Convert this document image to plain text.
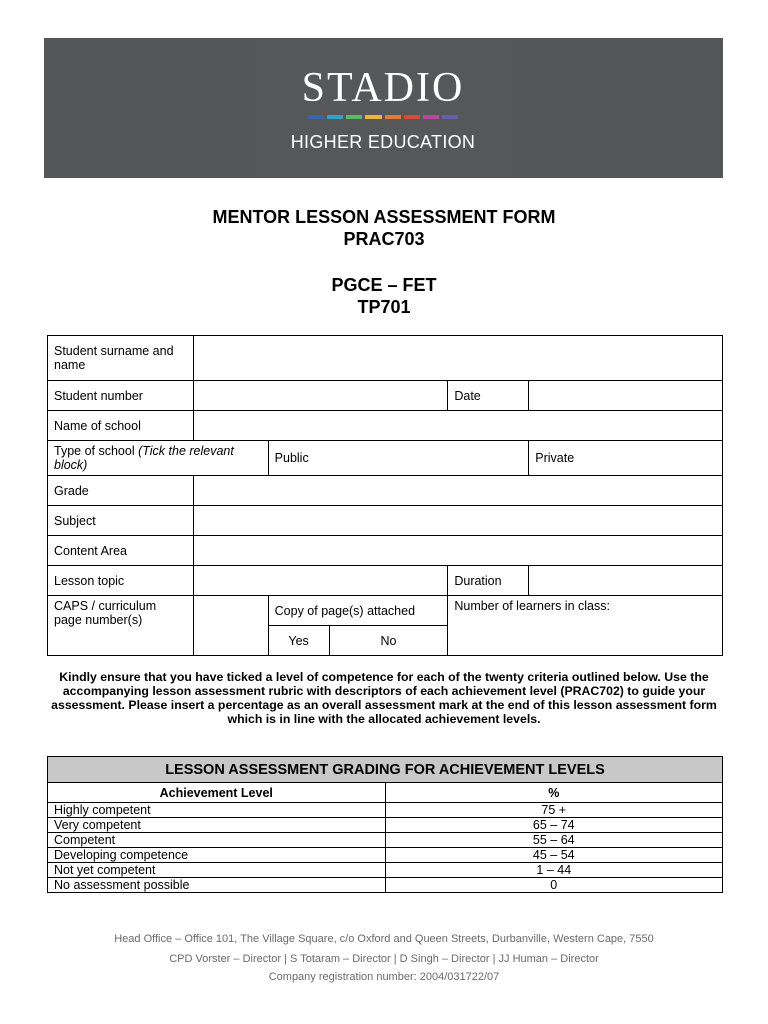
STADIO
HIGHER EDUCATION
MENTOR LESSON ASSESSMENT FORM
PRAC703
PGCE – FET
TP701
Student surname and name					
Student number				Date	
Name of school					
Type of school (Tick the relevant block)		Public			Private
Grade					
Subject					
Content Area					
Lesson topic				Duration	
CAPS / curriculum page number(s)		Copy of page(s) attached		Number of learners in class:	
		Yes	No		
Kindly ensure that you have ticked a level of competence for each of the twenty criteria outlined below. Use the accompanying lesson assessment rubric with descriptors of each achievement level (PRAC702) to guide your assessment. Please insert a percentage as an overall assessment mark at the end of this lesson assessment form which is in line with the allocated achievement levels.
LESSON ASSESSMENT GRADING FOR ACHIEVEMENT LEVELS	
Achievement Level	%
Highly competent	75 +
Very competent	65 – 74
Competent	55 – 64
Developing competence	45 – 54
Not yet competent	1 – 44
No assessment possible	0
Head Office – Office 101, The Village Square, c/o Oxford and Queen Streets, Durbanville, Western Cape, 7550
CPD Vorster – Director | S Totaram – Director | D Singh – Director | JJ Human – Director
Company registration number: 2004/031722/07
